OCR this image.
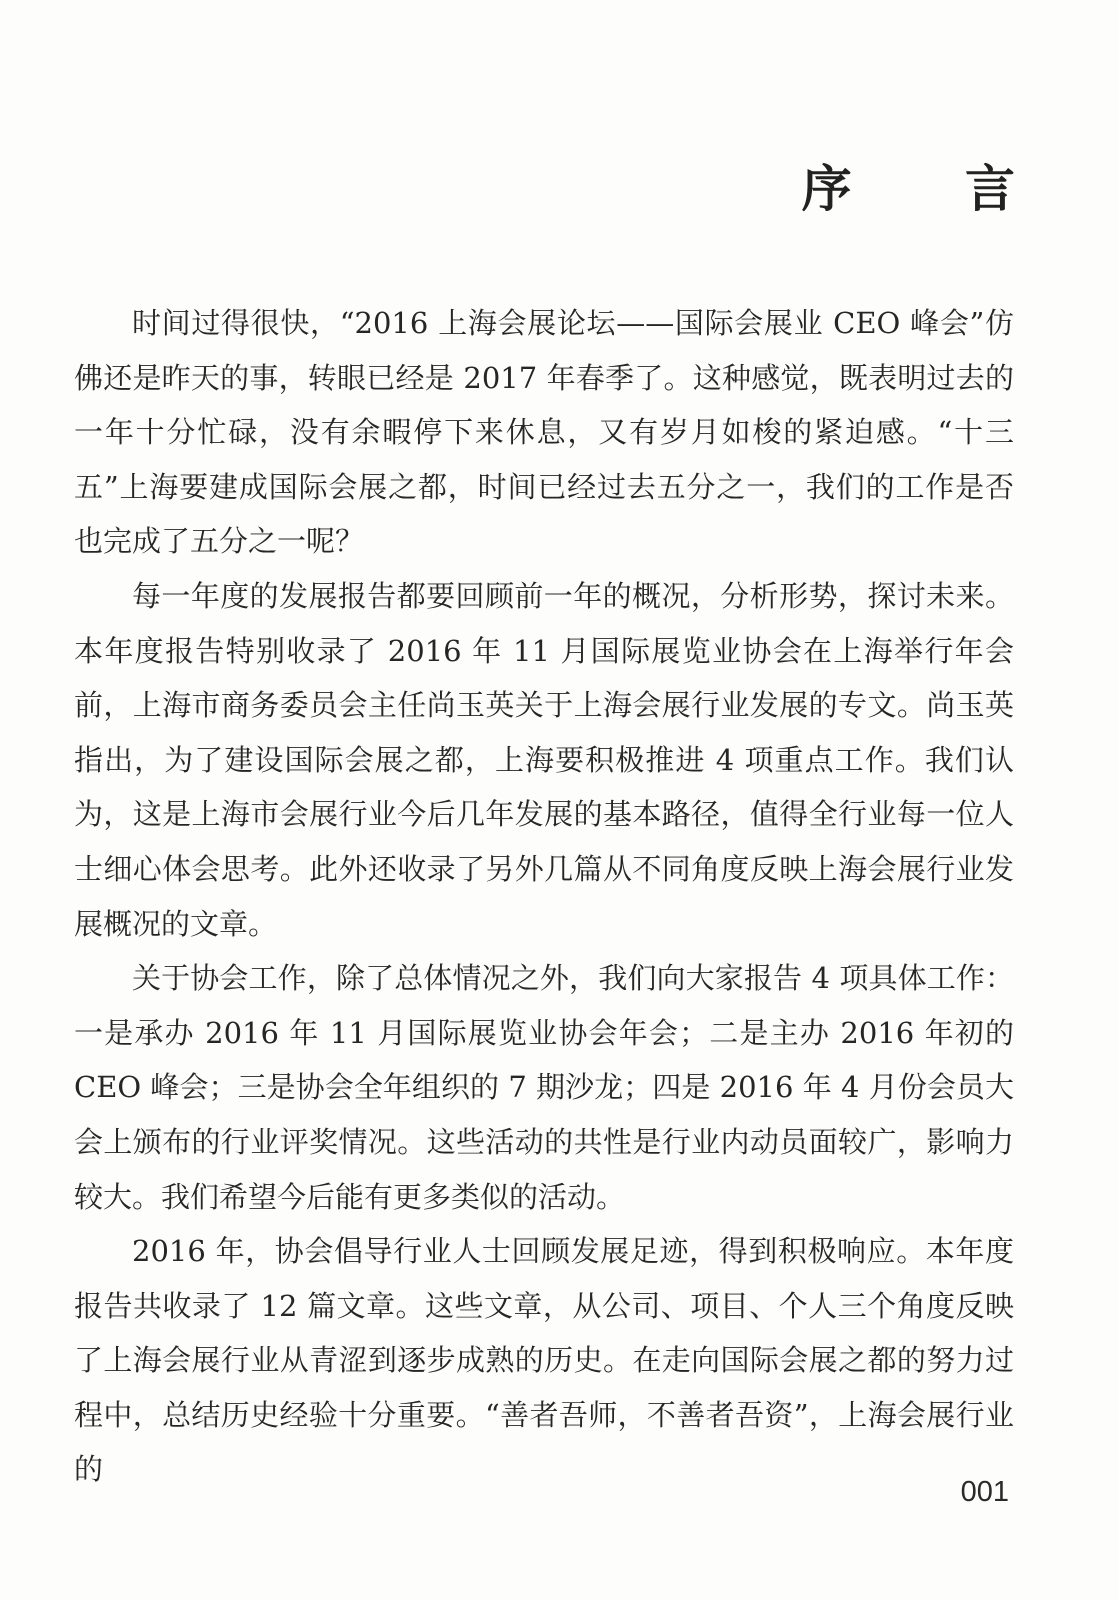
序 言

时间过得很快，“2016 上海会展论坛——国际会展业 CEO 峰会”仿佛还是昨天的事，转眼已经是 2017 年春季了。这种感觉，既表明过去的一年十分忙碌，没有余暇停下来休息，又有岁月如梭的紧迫感。“十三五”上海要建成国际会展之都，时间已经过去五分之一，我们的工作是否也完成了五分之一呢？

每一年度的发展报告都要回顾前一年的概况，分析形势，探讨未来。本年度报告特别收录了 2016 年 11 月国际展览业协会在上海举行年会前，上海市商务委员会主任尚玉英关于上海会展行业发展的专文。尚玉英指出，为了建设国际会展之都，上海要积极推进 4 项重点工作。我们认为，这是上海市会展行业今后几年发展的基本路径，值得全行业每一位人士细心体会思考。此外还收录了另外几篇从不同角度反映上海会展行业发展概况的文章。

关于协会工作，除了总体情况之外，我们向大家报告 4 项具体工作：一是承办 2016 年 11 月国际展览业协会年会；二是主办 2016 年初的 CEO 峰会；三是协会全年组织的 7 期沙龙；四是 2016 年 4 月份会员大会上颁布的行业评奖情况。这些活动的共性是行业内动员面较广，影响力较大。我们希望今后能有更多类似的活动。

2016 年，协会倡导行业人士回顾发展足迹，得到积极响应。本年度报告共收录了 12 篇文章。这些文章，从公司、项目、个人三个角度反映了上海会展行业从青涩到逐步成熟的历史。在走向国际会展之都的努力过程中，总结历史经验十分重要。“善者吾师，不善者吾资”，上海会展行业的

001
